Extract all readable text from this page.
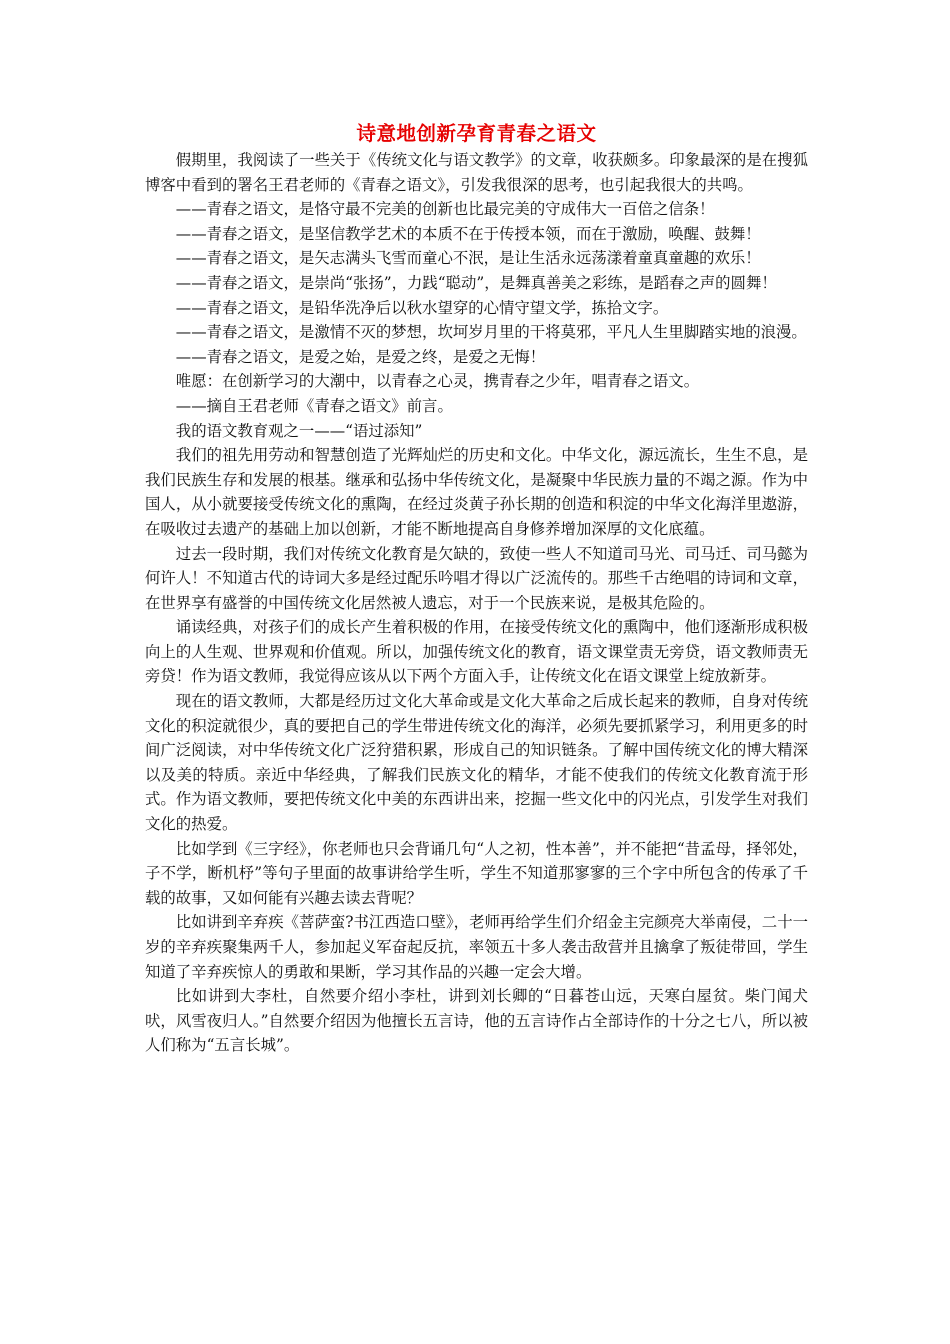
诗意地创新孕育青春之语文

假期里，我阅读了一些关于《传统文化与语文教学》的文章，收获颇多。印象最深的是在搜狐博客中看到的署名王君老师的《青春之语文》，引发我很深的思考，也引起我很大的共鸣。

——青春之语文，是恪守最不完美的创新也比最完美的守成伟大一百倍之信条！

——青春之语文，是坚信教学艺术的本质不在于传授本领，而在于激励，唤醒、鼓舞！

——青春之语文，是矢志满头飞雪而童心不泯，是让生活永远荡漾着童真童趣的欢乐！

——青春之语文，是崇尚“张扬”，力践“聪动”，是舞真善美之彩练，是蹈春之声的圆舞！

——青春之语文，是铅华洗净后以秋水望穿的心情守望文学，拣拾文字。

——青春之语文，是激情不灭的梦想，坎坷岁月里的干将莫邪，平凡人生里脚踏实地的浪漫。

——青春之语文，是爱之始，是爱之终，是爱之无悔！

唯愿：在创新学习的大潮中，以青春之心灵，携青春之少年，唱青春之语文。

——摘自王君老师《青春之语文》前言。

我的语文教育观之一——“语过添知”

我们的祖先用劳动和智慧创造了光辉灿烂的历史和文化。中华文化，源远流长，生生不息，是我们民族生存和发展的根基。继承和弘扬中华传统文化，是凝聚中华民族力量的不竭之源。作为中国人，从小就要接受传统文化的熏陶，在经过炎黄子孙长期的创造和积淀的中华文化海洋里遨游，在吸收过去遗产的基础上加以创新，才能不断地提高自身修养增加深厚的文化底蕴。

过去一段时期，我们对传统文化教育是欠缺的，致使一些人不知道司马光、司马迁、司马懿为何许人！不知道古代的诗词大多是经过配乐吟唱才得以广泛流传的。那些千古绝唱的诗词和文章，在世界享有盛誉的中国传统文化居然被人遗忘，对于一个民族来说，是极其危险的。

诵读经典，对孩子们的成长产生着积极的作用，在接受传统文化的熏陶中，他们逐渐形成积极向上的人生观、世界观和价值观。所以，加强传统文化的教育，语文课堂责无旁贷，语文教师责无旁贷！作为语文教师，我觉得应该从以下两个方面入手，让传统文化在语文课堂上绽放新芽。

现在的语文教师，大都是经历过文化大革命或是文化大革命之后成长起来的教师，自身对传统文化的积淀就很少，真的要把自己的学生带进传统文化的海洋，必须先要抓紧学习，利用更多的时间广泛阅读，对中华传统文化广泛狩猎积累，形成自己的知识链条。了解中国传统文化的博大精深以及美的特质。亲近中华经典，了解我们民族文化的精华，才能不使我们的传统文化教育流于形式。作为语文教师，要把传统文化中美的东西讲出来，挖掘一些文化中的闪光点，引发学生对我们文化的热爱。

比如学到《三字经》，你老师也只会背诵几句“人之初，性本善”，并不能把“昔孟母，择邻处，子不学，断机杼”等句子里面的故事讲给学生听，学生不知道那寥寥的三个字中所包含的传承了千载的故事，又如何能有兴趣去读去背呢？

比如讲到辛弃疾《菩萨蛮?书江西造口壁》，老师再给学生们介绍金主完颜亮大举南侵，二十一岁的辛弃疾聚集两千人，参加起义军奋起反抗，率领五十多人袭击敌营并且擒拿了叛徒带回，学生知道了辛弃疾惊人的勇敢和果断，学习其作品的兴趣一定会大增。

比如讲到大李杜，自然要介绍小李杜，讲到刘长卿的“日暮苍山远，天寒白屋贫。柴门闻犬吠，风雪夜归人。”自然要介绍因为他擅长五言诗，他的五言诗作占全部诗作的十分之七八，所以被人们称为“五言长城”。
